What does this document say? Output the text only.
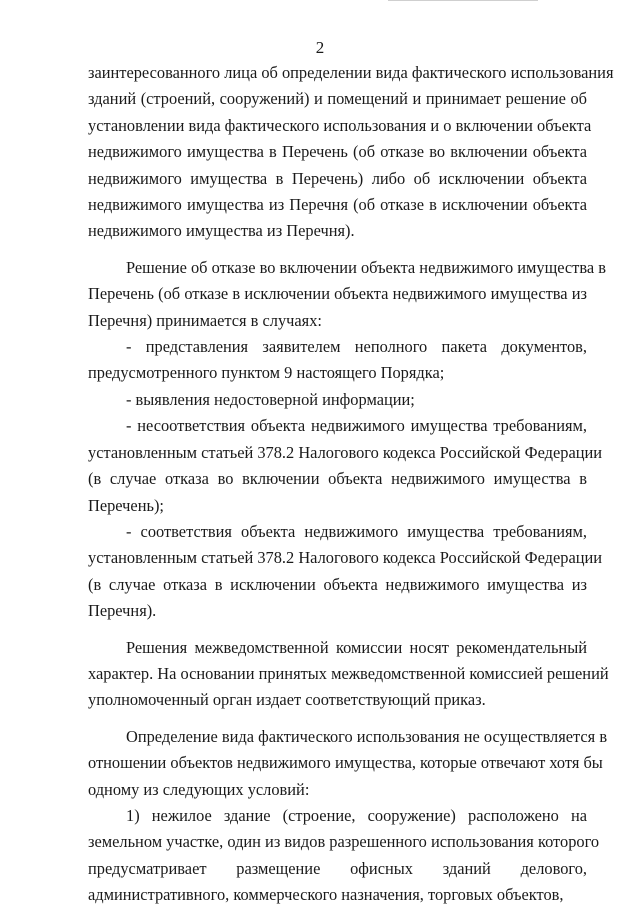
2
заинтересованного лица об определении вида фактического использования
зданий (строений, сооружений) и помещений и принимает решение об
установлении вида фактического использования и о включении объекта
недвижимого имущества в Перечень (об отказе во включении объекта
недвижимого имущества в Перечень) либо об исключении объекта
недвижимого имущества из Перечня (об отказе в исключении объекта
недвижимого имущества из Перечня).
Решение об отказе во включении объекта недвижимого имущества в
Перечень (об отказе в исключении объекта недвижимого имущества из
Перечня) принимается в случаях:
- представления заявителем неполного пакета документов,
предусмотренного пунктом 9 настоящего Порядка;
- выявления недостоверной информации;
- несоответствия объекта недвижимого имущества требованиям,
установленным статьей 378.2 Налогового кодекса Российской Федерации
(в случае отказа во включении объекта недвижимого имущества в
Перечень);
- соответствия объекта недвижимого имущества требованиям,
установленным статьей 378.2 Налогового кодекса Российской Федерации
(в случае отказа в исключении объекта недвижимого имущества из
Перечня).
Решения межведомственной комиссии носят рекомендательный
характер. На основании принятых межведомственной комиссией решений
уполномоченный орган издает соответствующий приказ.
Определение вида фактического использования не осуществляется в
отношении объектов недвижимого имущества, которые отвечают хотя бы
одному из следующих условий:
1) нежилое здание (строение, сооружение) расположено на
земельном участке, один из видов разрешенного использования которого
предусматривает размещение офисных зданий делового,
административного, коммерческого назначения, торговых объектов,
